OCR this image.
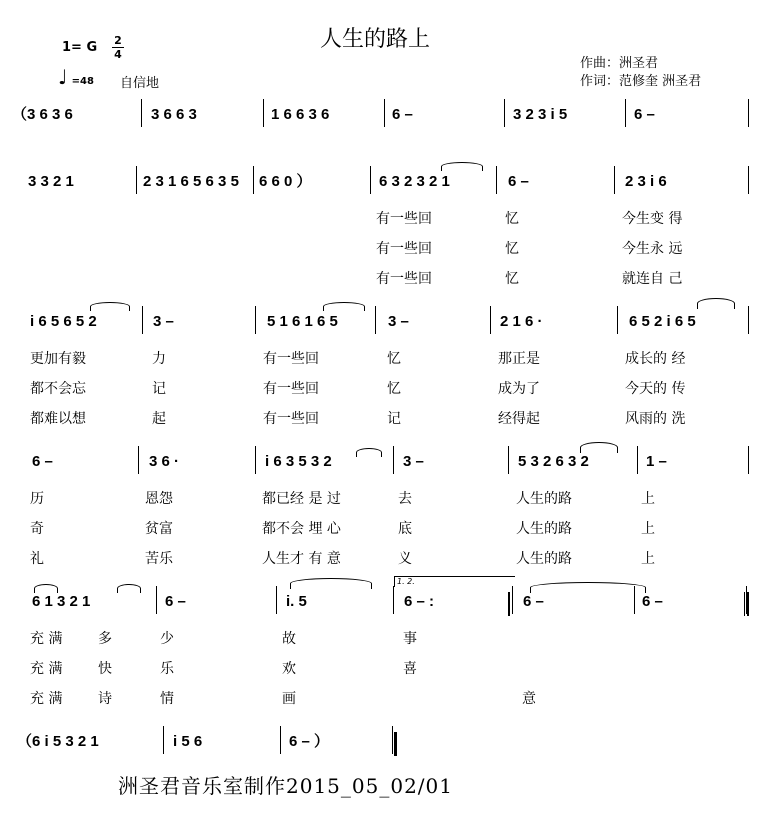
人生的路上
1= G 2
4
♩ =48 自信地
作曲：洲圣君
作词：范修奎 洲圣君
（3 6 3 6	3 6 6 3	1 6 6 3 6	6 –	3 2 3 i 5	6 –
3 3 2 1	2 3 1 6 5 6 3 5 6 6 0 ）	6 3 2 3 2 1	6 –	2 3 i 6
i 6 5 6 5 2	3 –	5 1 6 1 6 5	3 –	2 1 6 ·	6 5 2 i 6 5
6 –	3 6 ·	i 6 3 5 3 2	3 –	5 3 2 6 3 2	1 –
6 1 3 2 1	6 –	i. 5	6 – :	6 –	6 –
（6 i 5 3 2 1	i 5 6	6 – ）
有一些回	忆	今生变 得
有一些回	忆	今生永 远
有一些回	忆	就连自 己
更加有毅	力	有一些回	忆	那正是	成长的 经
都不会忘	记	有一些回	忆	成为了	今天的 传
都难以想	起	有一些回	记	经得起	风雨的 洗
历	恩怨	都已经 是 过	去	人生的路	上
奇	贫富	都不会 埋 心	底	人生的路	上
礼	苦乐	人生才 有 意	义	人生的路	上
充 满	多	少	故	事
充 满	快	乐	欢	喜
充 满	诗	情	画	意
1. 2.
洲圣君音乐室制作2015_05_02/01
